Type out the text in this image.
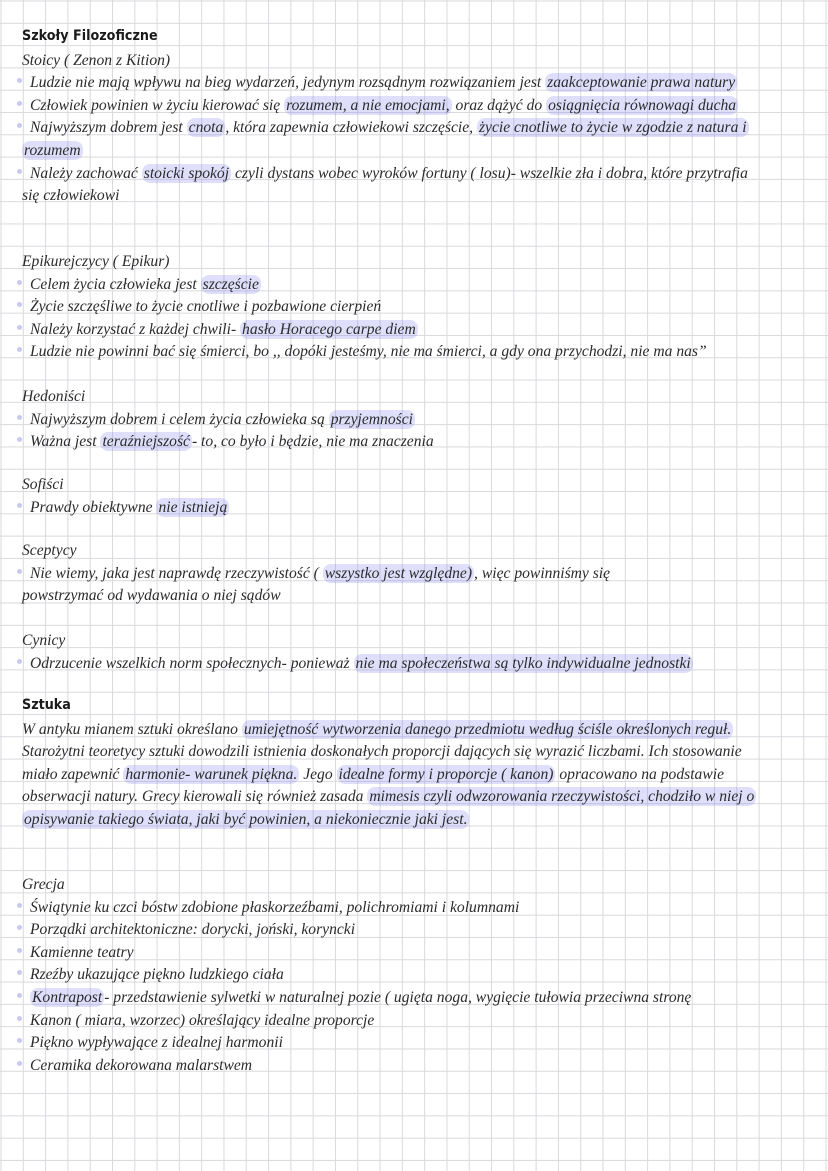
Szkoły Filozoficzne
Stoicy ( Zenon z Kition)
Ludzie nie mają wpływu na bieg wydarzeń, jedynym rozsądnym rozwiązaniem jest zaakceptowanie prawa natury
Człowiek powinien w życiu kierować się rozumem, a nie emocjami, oraz dążyć do osiągnięcia równowagi ducha
Najwyższym dobrem jest cnota , która zapewnia człowiekowi szczęście, życie cnotliwe to życie w zgodzie z natura i
rozumem
Należy zachować stoicki spokój czyli dystans wobec wyroków fortuny ( losu)- wszelkie zła i dobra, które przytrafia
się człowiekowi
Epikurejczycy ( Epikur)
Celem życia człowieka jest szczęście
Życie szczęśliwe to życie cnotliwe i pozbawione cierpień
Należy korzystać z każdej chwili- hasło Horacego carpe diem
Ludzie nie powinni bać się śmierci, bo ,, dopóki jesteśmy, nie ma śmierci, a gdy ona przychodzi, nie ma nas”
Hedoniści
Najwyższym dobrem i celem życia człowieka są przyjemności
Ważna jest teraźniejszość - to, co było i będzie, nie ma znaczenia
Sofiści
Prawdy obiektywne nie istnieją
Sceptycy
Nie wiemy, jaka jest naprawdę rzeczywistość ( wszystko jest względne) , więc powinniśmy się
powstrzymać od wydawania o niej sądów
Cynicy
Odrzucenie wszelkich norm społecznych- ponieważ nie ma społeczeństwa są tylko indywidualne jednostki
Sztuka
W antyku mianem sztuki określano umiejętność wytworzenia danego przedmiotu według ściśle określonych reguł.
Starożytni teoretycy sztuki dowodzili istnienia doskonałych proporcji dających się wyrazić liczbami. Ich stosowanie
miało zapewnić harmonie- warunek piękna. Jego idealne formy i proporcje ( kanon) opracowano na podstawie
obserwacji natury. Grecy kierowali się również zasada mimesis czyli odwzorowania rzeczywistości, chodziło w niej o
opisywanie takiego świata, jaki być powinien, a niekoniecznie jaki jest.
Grecja
Świątynie ku czci bóstw zdobione płaskorzeźbami, polichromiami i kolumnami
Porządki architektoniczne: dorycki, joński, koryncki
Kamienne teatry
Rzeźby ukazujące piękno ludzkiego ciała
Kontrapost - przedstawienie sylwetki w naturalnej pozie ( ugięta noga, wygięcie tułowia przeciwna stronę
Kanon ( miara, wzorzec) określający idealne proporcje
Piękno wypływające z idealnej harmonii
Ceramika dekorowana malarstwem
